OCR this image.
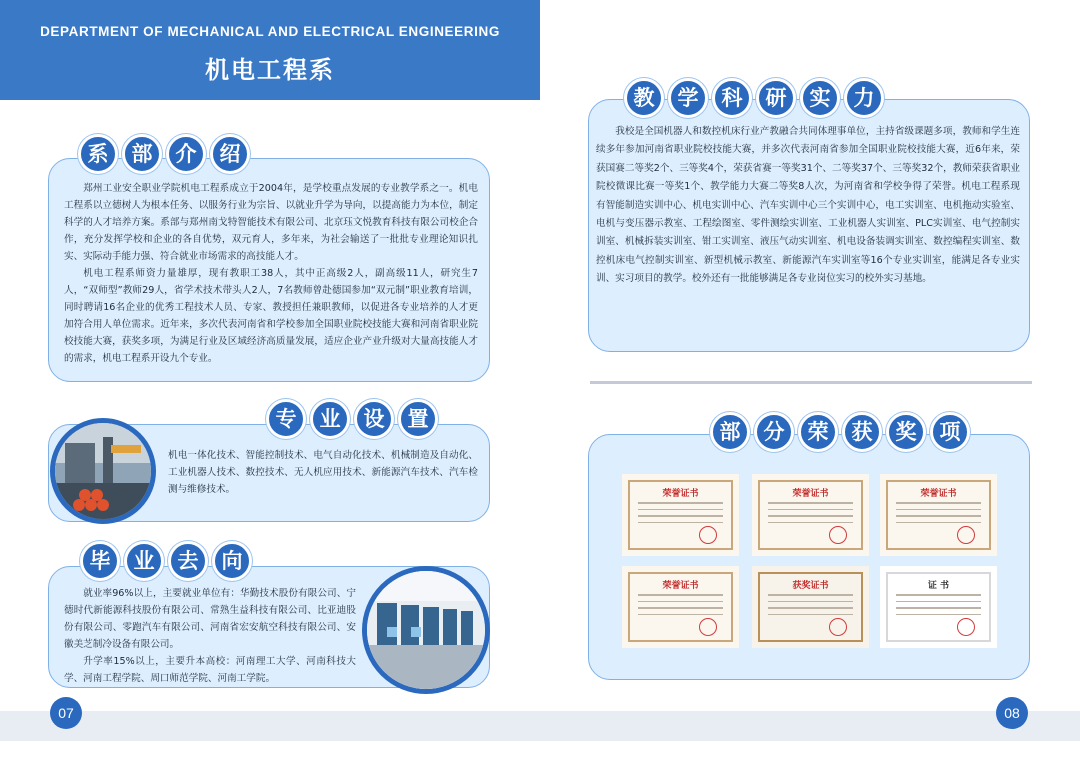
DEPARTMENT OF MECHANICAL AND ELECTRICAL ENGINEERING
机电工程系

郑州工业安全职业学院机电工程系成立于2004年，是学校重点发展的专业教学系之一。机电工程系以立德树人为根本任务、以服务行业为宗旨、以就业升学为导向，以提高能力为本位，制定科学的人才培养方案。系部与郑州南戈特智能技术有限公司、北京珏文悦教育科技有限公司校企合作，充分发挥学校和企业的各自优势，双元育人，多年来，为社会输送了一批批专业理论知识扎实、实际动手能力强、符合就业市场需求的高技能人才。

机电工程系师资力量雄厚，现有教职工38人，其中正高级2人，副高级11人，研究生7人，“双师型”教师29人，省学术技术带头人2人，7名教师曾赴德国参加“双元制”职业教育培训，同时聘请16名企业的优秀工程技术人员、专家、教授担任兼职教师，以促进各专业培养的人才更加符合用人单位需求。近年来，多次代表河南省和学校参加全国职业院校技能大赛和河南省职业院校技能大赛，获奖多项，为满足行业及区域经济高质量发展，适应企业产业升级对大量高技能人才的需求，机电工程系开设九个专业。

系	部	介	绍
机电一体化技术、智能控制技术、电气自动化技术、机械制造及自动化、工业机器人技术、数控技术、无人机应用技术、新能源汽车技术、汽车检测与维修技术。
专	业	设	置

就业率96%以上，主要就业单位有：华勤技术股份有限公司、宁德时代新能源科技股份有限公司、常熟生益科技有限公司、比亚迪股份有限公司、零跑汽车有限公司、河南省宏安航空科技有限公司、安徽美芝制冷设备有限公司。

升学率15%以上，主要升本高校：河南理工大学、河南科技大学、河南工程学院、周口师范学院、河南工学院。

毕	业	去	向
我校是全国机器人和数控机床行业产教融合共同体理事单位，主持省级课题多项，教师和学生连续多年参加河南省职业院校技能大赛，并多次代表河南省参加全国职业院校技能大赛，近6年来，荣获国赛二等奖2个、三等奖4个，荣获省赛一等奖31个、二等奖37个、三等奖32个，教师荣获省职业院校微课比赛一等奖1个、教学能力大赛二等奖8人次，为河南省和学校争得了荣誉。机电工程系现有智能制造实训中心、机电实训中心、汽车实训中心三个实训中心，电工实训室、电机拖动实验室、电机与变压器示教室、工程绘图室、零件测绘实训室、工业机器人实训室、PLC实训室、电气控制实训室、机械拆装实训室、钳工实训室、液压气动实训室、机电设备装调实训室、数控编程实训室、数控机床电气控制实训室、新型机械示教室、新能源汽车实训室等16个专业实训室，能满足各专业实训、实习项目的教学。校外还有一批能够满足各专业岗位实习的校外实习基地。
教	学	科	研	实	力
部	分	荣	获	奖	项
荣誉证书	荣誉证书	荣誉证书
荣誉证书	获奖证书	证 书
07	08
